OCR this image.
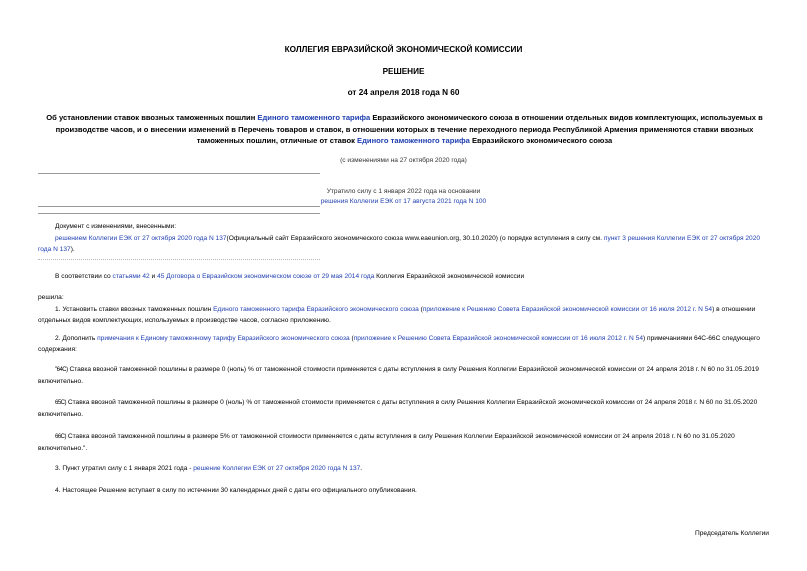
КОЛЛЕГИЯ ЕВРАЗИЙСКОЙ ЭКОНОМИЧЕСКОЙ КОМИССИИ
РЕШЕНИЕ
от 24 апреля 2018 года N 60
Об установлении ставок ввозных таможенных пошлин Единого таможенного тарифа Евразийского экономического союза в отношении отдельных видов комплектующих, используемых в производстве часов, и о внесении изменений в Перечень товаров и ставок, в отношении которых в течение переходного периода Республикой Армения применяются ставки ввозных таможенных пошлин, отличные от ставок Единого таможенного тарифа Евразийского экономического союза
(с изменениями на 27 октября 2020 года)
Утратило силу с 1 января 2022 года на основании
решения Коллегии ЕЭК от 17 августа 2021 года N 100
Документ с изменениями, внесенными:
решением Коллегии ЕЭК от 27 октября 2020 года N 137(Официальный сайт Евразийского экономического союза www.eaeunion.org, 30.10.2020) (о порядке вступления в силу см. пункт 3 решения Коллегии ЕЭК от 27 октября 2020 года N 137).
В соответствии со статьями 42 и 45 Договора о Евразийском экономическом союзе от 29 мая 2014 года Коллегия Евразийской экономической комиссии
решила:
1. Установить ставки ввозных таможенных пошлин Единого таможенного тарифа Евразийского экономического союза (приложение к Решению Совета Евразийской экономической комиссии от 16 июля 2012 г. N 54) в отношении отдельных видов комплектующих, используемых в производстве часов, согласно приложению.
2. Дополнить примечания к Единому таможенному тарифу Евразийского экономического союза (приложение к Решению Совета Евразийской экономической комиссии от 16 июля 2012 г. N 54) примечаниями 64С-66С следующего содержания:
"64С) Ставка ввозной таможенной пошлины в размере 0 (ноль) % от таможенной стоимости применяется с даты вступления в силу Решения Коллегии Евразийской экономической комиссии от 24 апреля 2018 г. N 60 по 31.05.2019 включительно.
65С) Ставка ввозной таможенной пошлины в размере 0 (ноль) % от таможенной стоимости применяется с даты вступления в силу Решения Коллегии Евразийской экономической комиссии от 24 апреля 2018 г. N 60 по 31.05.2020 включительно.
66С) Ставка ввозной таможенной пошлины в размере 5% от таможенной стоимости применяется с даты вступления в силу Решения Коллегии Евразийской экономической комиссии от 24 апреля 2018 г. N 60 по 31.05.2020 включительно.".
3. Пункт утратил силу с 1 января 2021 года - решение Коллегии ЕЭК от 27 октября 2020 года N 137.
4. Настоящее Решение вступает в силу по истечении 30 календарных дней с даты его официального опубликования.
Председатель Коллегии
